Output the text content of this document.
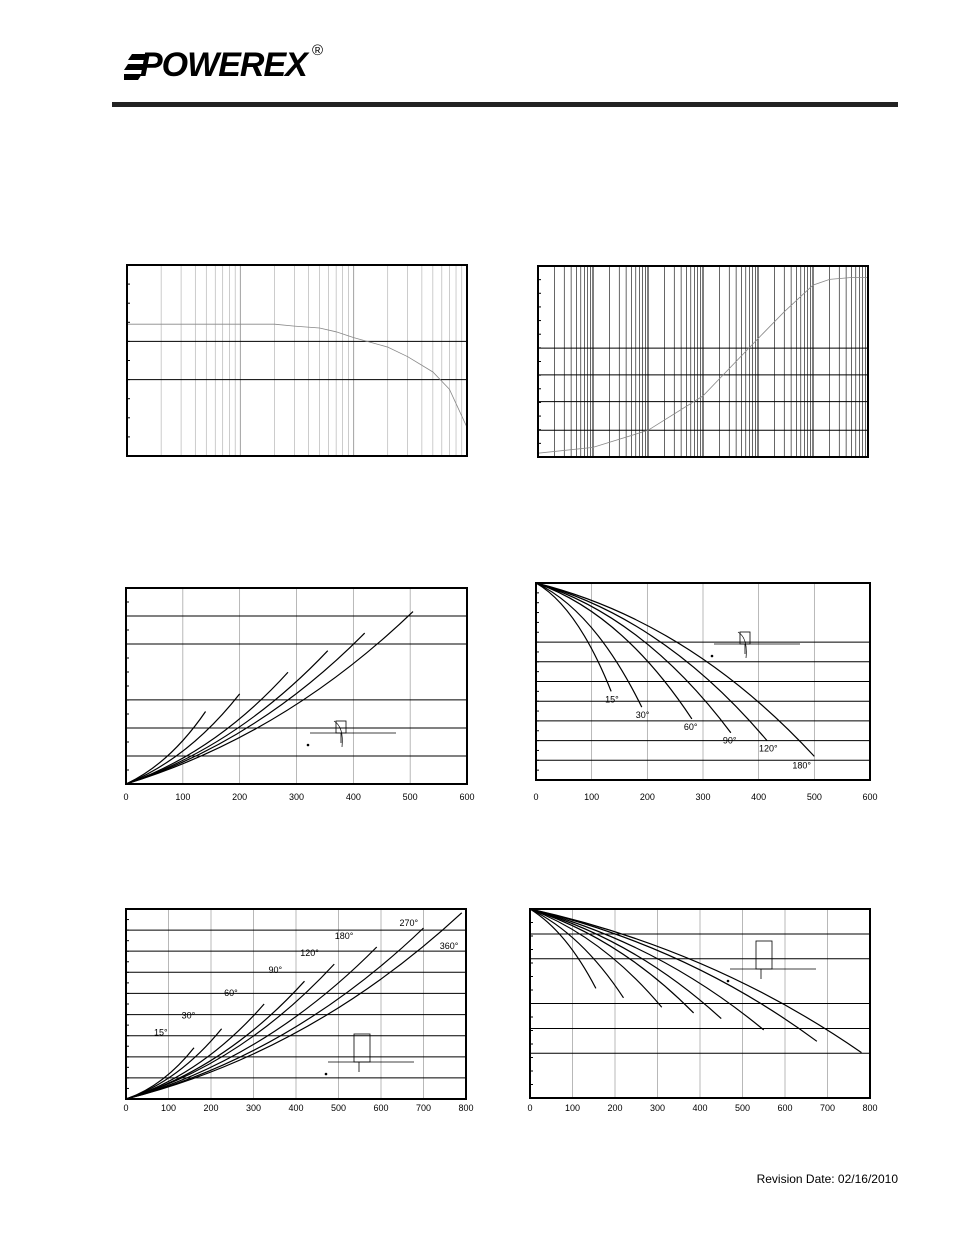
POWEREX ®
0	100	200	300	400	500	600
15°
30°
60°
90°
120°
180°
0	100	200	300	400	500	600
15°
30°
60°
90°
120°
180°
270°
360°
0	100	200	300	400	500	600	700	800	0	100	200	300	400	500	600	700	800
Revision Date: 02/16/2010
